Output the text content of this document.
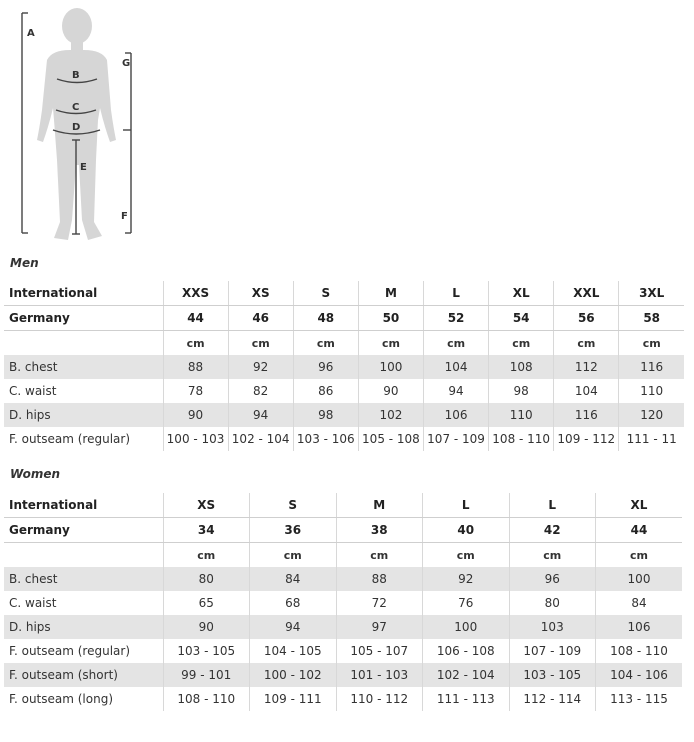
A
B
C
D
E
F
G
Men
International	XXS	XS	S	M	L	XL	XXL	3XL
Germany	44	46	48	50	52	54	56	58
	cm	cm	cm	cm	cm	cm	cm	cm
B. chest	88	92	96	100	104	108	112	116
C. waist	78	82	86	90	94	98	104	110
D. hips	90	94	98	102	106	110	116	120
F. outseam (regular)	100 - 103	102 - 104	103 - 106	105 - 108	107 - 109	108 - 110	109 - 112	111 - 11
Women
International	XS	S	M	L	L	XL
Germany	34	36	38	40	42	44
	cm	cm	cm	cm	cm	cm
B. chest	80	84	88	92	96	100
C. waist	65	68	72	76	80	84
D. hips	90	94	97	100	103	106
F. outseam (regular)	103 - 105	104 - 105	105 - 107	106 - 108	107 - 109	108 - 110
F. outseam (short)	99 - 101	100 - 102	101 - 103	102 - 104	103 - 105	104 - 106
F. outseam (long)	108 - 110	109 - 111	110 - 112	111 - 113	112 - 114	113 - 115
